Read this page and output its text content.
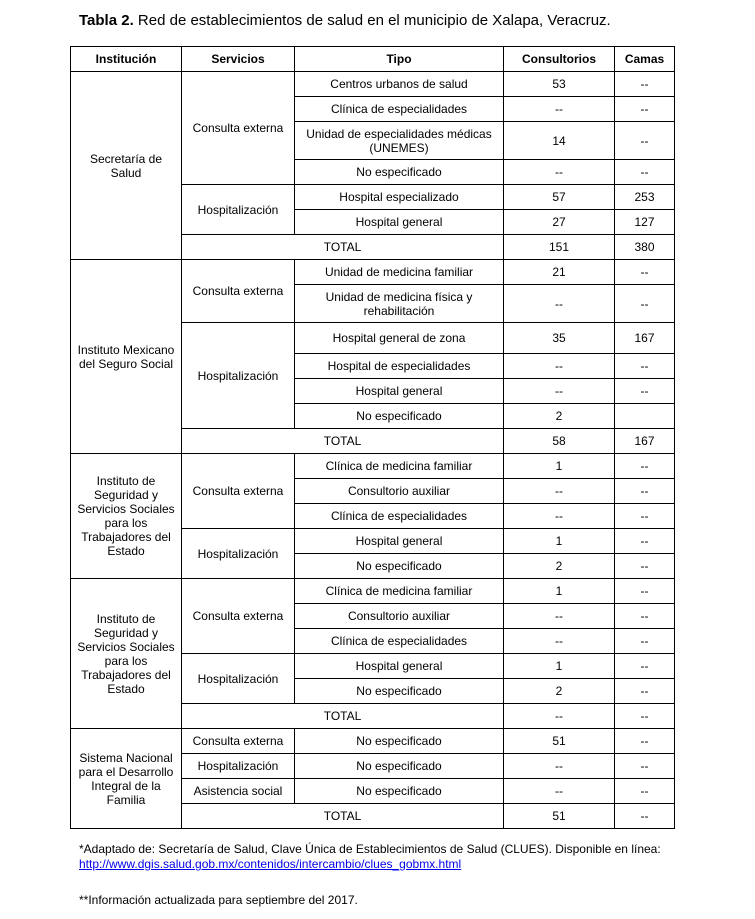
Tabla 2. Red de establecimientos de salud en el municipio de Xalapa, Veracruz.
Institución	Servicios	Tipo	Consultorios	Camas
Secretaría de Salud	Consulta externa	Centros urbanos de salud	53	--
		Clínica de especialidades	--	--
		Unidad de especialidades médicas (UNEMES)	14	--
		No especificado	--	--
	Hospitalización	Hospital especializado	57	253
		Hospital general	27	127
	TOTAL		151	380
Instituto Mexicano del Seguro Social	Consulta externa	Unidad de medicina familiar	21	--
		Unidad de medicina física y rehabilitación	--	--
	Hospitalización	Hospital general de zona	35	167
		Hospital de especialidades	--	--
		Hospital general	--	--
		No especificado	2	
	TOTAL		58	167
Instituto de Seguridad y Servicios Sociales para los Trabajadores del Estado	Consulta externa	Clínica de medicina familiar	1	--
		Consultorio auxiliar	--	--
		Clínica de especialidades	--	--
	Hospitalización	Hospital general	1	--
		No especificado	2	--
Instituto de Seguridad y Servicios Sociales para los Trabajadores del Estado	Consulta externa	Clínica de medicina familiar	1	--
		Consultorio auxiliar	--	--
		Clínica de especialidades	--	--
	Hospitalización	Hospital general	1	--
		No especificado	2	--
	TOTAL		--	--
Sistema Nacional para el Desarrollo Integral de la Familia	Consulta externa	No especificado	51	--
	Hospitalización	No especificado	--	--
	Asistencia social	No especificado	--	--
	TOTAL		51	--

*Adaptado de: Secretaría de Salud, Clave Única de Establecimientos de Salud (CLUES). Disponible en línea:
http://www.dgis.salud.gob.mx/contenidos/intercambio/clues_gobmx.html

**Información actualizada para septiembre del 2017.
